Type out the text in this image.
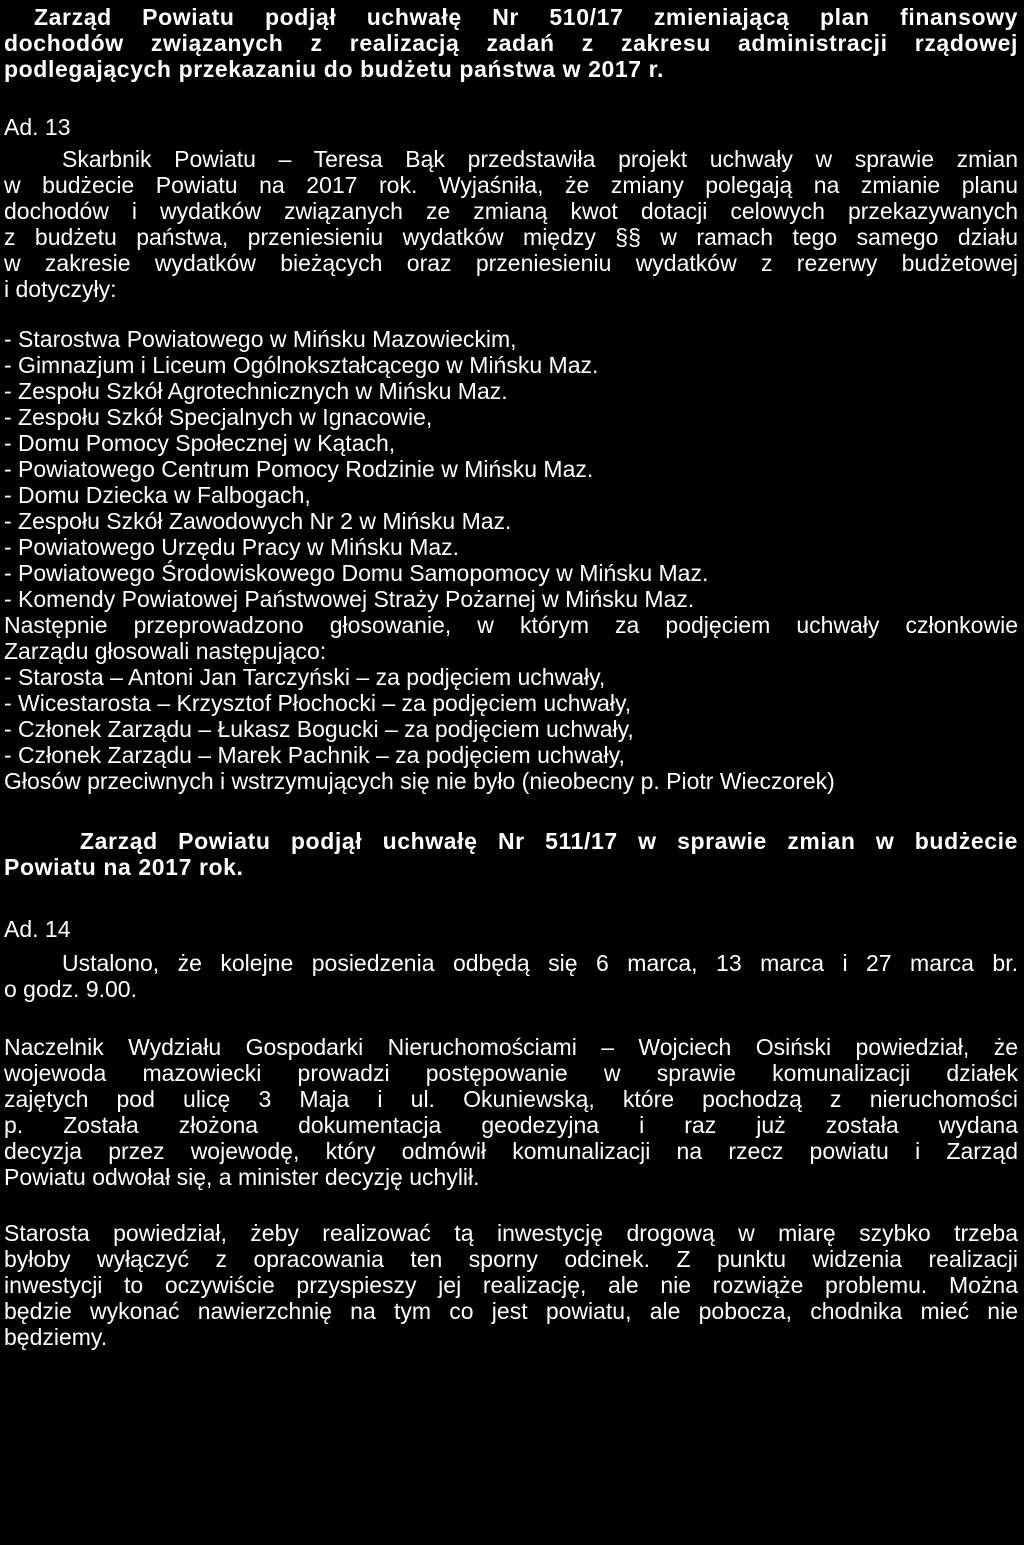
Zarząd Powiatu podjął uchwałę Nr 510/17 zmieniającą plan finansowy
dochodów związanych z realizacją zadań z zakresu administracji rządowej
podlegających przekazaniu do budżetu państwa w 2017 r.
Ad. 13
Skarbnik Powiatu – Teresa Bąk przedstawiła projekt uchwały w sprawie zmian
w budżecie Powiatu na 2017 rok. Wyjaśniła, że zmiany polegają na zmianie planu
dochodów i wydatków związanych ze zmianą kwot dotacji celowych przekazywanych
z budżetu państwa, przeniesieniu wydatków między §§ w ramach tego samego działu
w zakresie wydatków bieżących oraz przeniesieniu wydatków z rezerwy budżetowej
i dotyczyły:
- Starostwa Powiatowego w Mińsku Mazowieckim,
- Gimnazjum i Liceum Ogólnokształcącego w Mińsku Maz.
- Zespołu Szkół Agrotechnicznych w Mińsku Maz.
- Zespołu Szkół Specjalnych w Ignacowie,
- Domu Pomocy Społecznej w Kątach,
- Powiatowego Centrum Pomocy Rodzinie w Mińsku Maz.
- Domu Dziecka w Falbogach,
- Zespołu Szkół Zawodowych Nr 2 w Mińsku Maz.
- Powiatowego Urzędu Pracy w Mińsku Maz.
- Powiatowego Środowiskowego Domu Samopomocy w Mińsku Maz.
- Komendy Powiatowej Państwowej Straży Pożarnej w Mińsku Maz.
Następnie przeprowadzono głosowanie, w którym za podjęciem uchwały członkowie
Zarządu głosowali następująco:
- Starosta – Antoni Jan Tarczyński – za podjęciem uchwały,
- Wicestarosta – Krzysztof Płochocki – za podjęciem uchwały,
- Członek Zarządu – Łukasz Bogucki – za podjęciem uchwały,
- Członek Zarządu – Marek Pachnik – za podjęciem uchwały,
Głosów przeciwnych i wstrzymujących się nie było (nieobecny p. Piotr Wieczorek)
Zarząd Powiatu podjął uchwałę Nr 511/17 w sprawie zmian w budżecie
Powiatu na 2017 rok.
Ad. 14
Ustalono, że kolejne posiedzenia odbędą się 6 marca, 13 marca i 27 marca br.
o godz. 9.00.
Naczelnik Wydziału Gospodarki Nieruchomościami – Wojciech Osiński powiedział, że
wojewoda mazowiecki prowadzi postępowanie w sprawie komunalizacji działek
zajętych pod ulicę 3 Maja i ul. Okuniewską, które pochodzą z nieruchomości
p. Została złożona dokumentacja geodezyjna i raz już została wydana
decyzja przez wojewodę, który odmówił komunalizacji na rzecz powiatu i Zarząd
Powiatu odwołał się, a minister decyzję uchylił.
Starosta powiedział, żeby realizować tą inwestycję drogową w miarę szybko trzeba
byłoby wyłączyć z opracowania ten sporny odcinek. Z punktu widzenia realizacji
inwestycji to oczywiście przyspieszy jej realizację, ale nie rozwiąże problemu. Można
będzie wykonać nawierzchnię na tym co jest powiatu, ale pobocza, chodnika mieć nie
będziemy.
